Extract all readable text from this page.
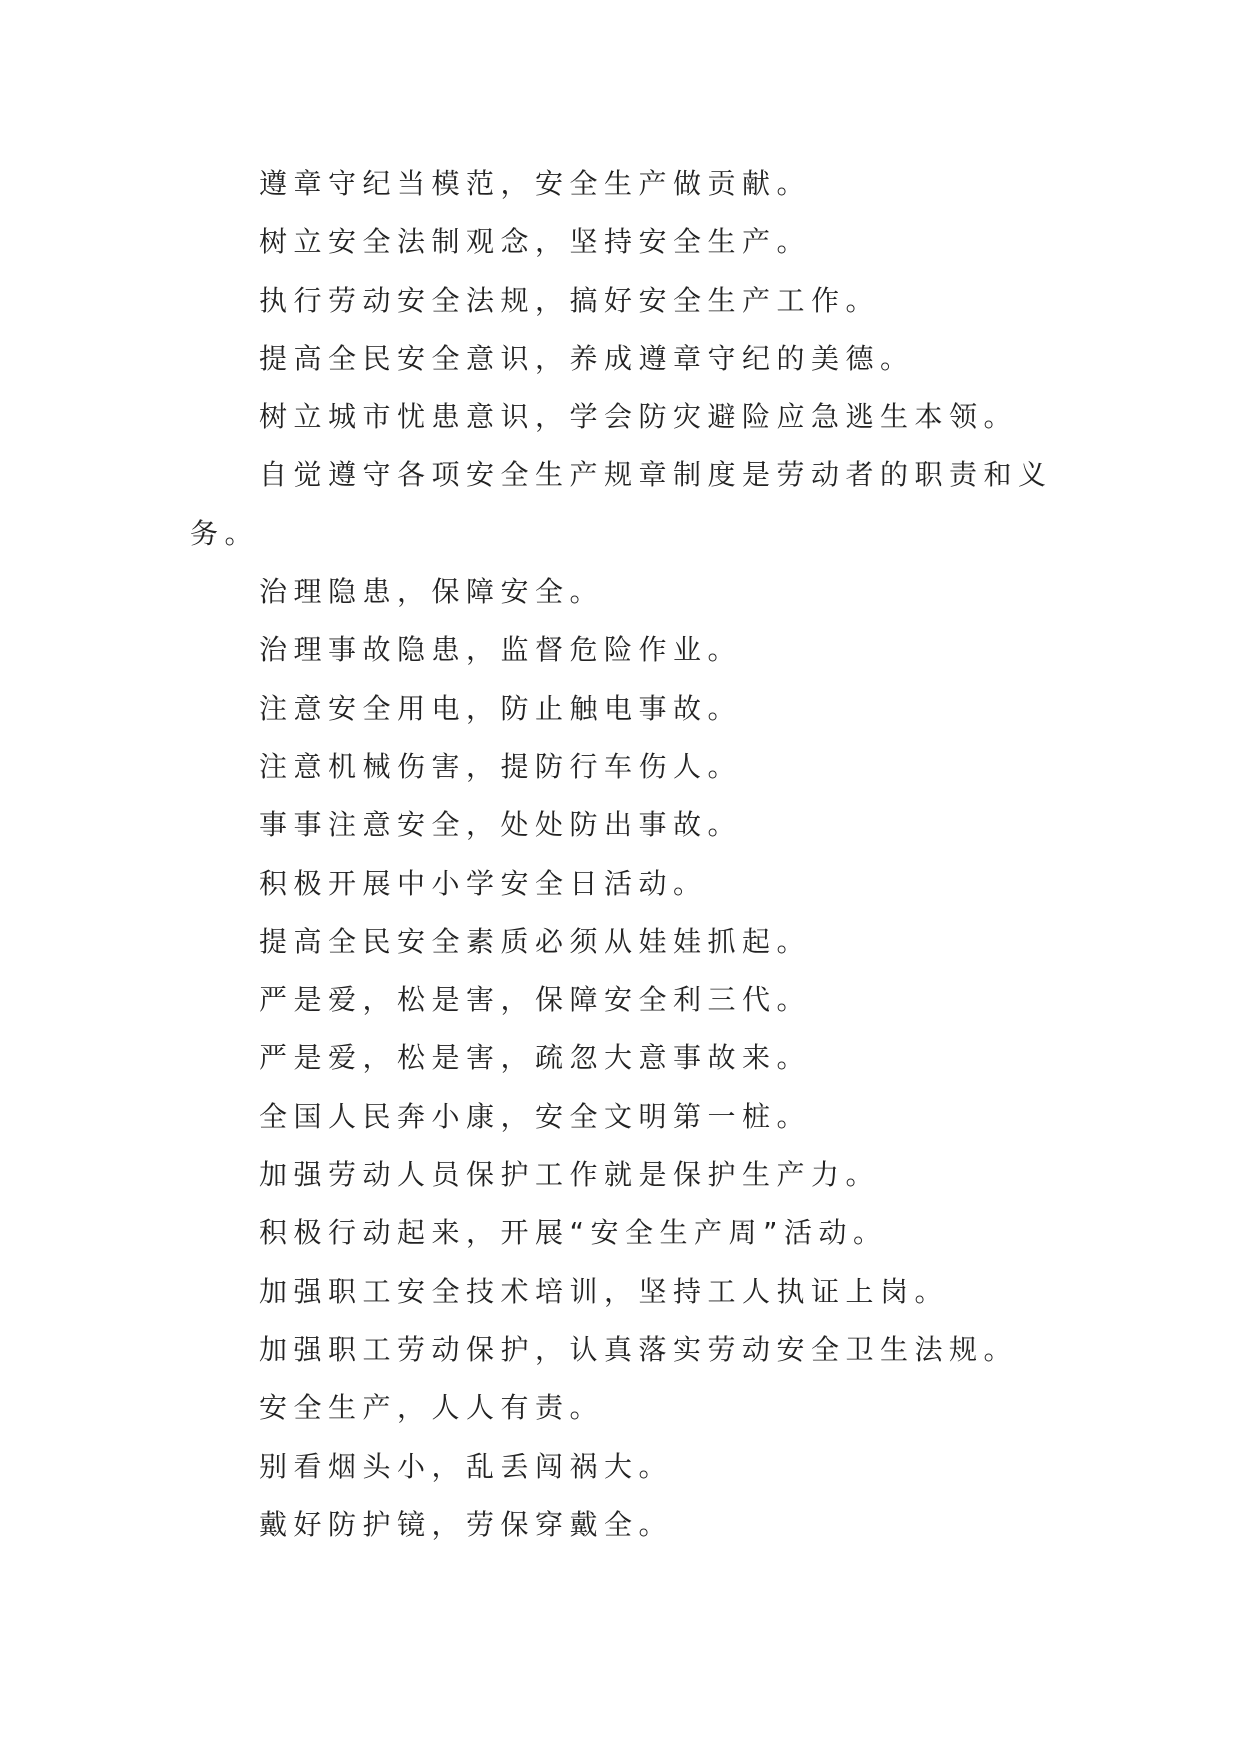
遵章守纪当模范，安全生产做贡献。
树立安全法制观念，坚持安全生产。
执行劳动安全法规，搞好安全生产工作。
提高全民安全意识，养成遵章守纪的美德。
树立城市忧患意识，学会防灾避险应急逃生本领。
自觉遵守各项安全生产规章制度是劳动者的职责和义
务。
治理隐患，保障安全。
治理事故隐患，监督危险作业。
注意安全用电，防止触电事故。
注意机械伤害，提防行车伤人。
事事注意安全，处处防出事故。
积极开展中小学安全日活动。
提高全民安全素质必须从娃娃抓起。
严是爱，松是害，保障安全利三代。
严是爱，松是害，疏忽大意事故来。
全国人民奔小康，安全文明第一桩。
加强劳动人员保护工作就是保护生产力。
积极行动起来，开展“安全生产周”活动。
加强职工安全技术培训，坚持工人执证上岗。
加强职工劳动保护，认真落实劳动安全卫生法规。
安全生产，人人有责。
别看烟头小，乱丢闯祸大。
戴好防护镜，劳保穿戴全。
